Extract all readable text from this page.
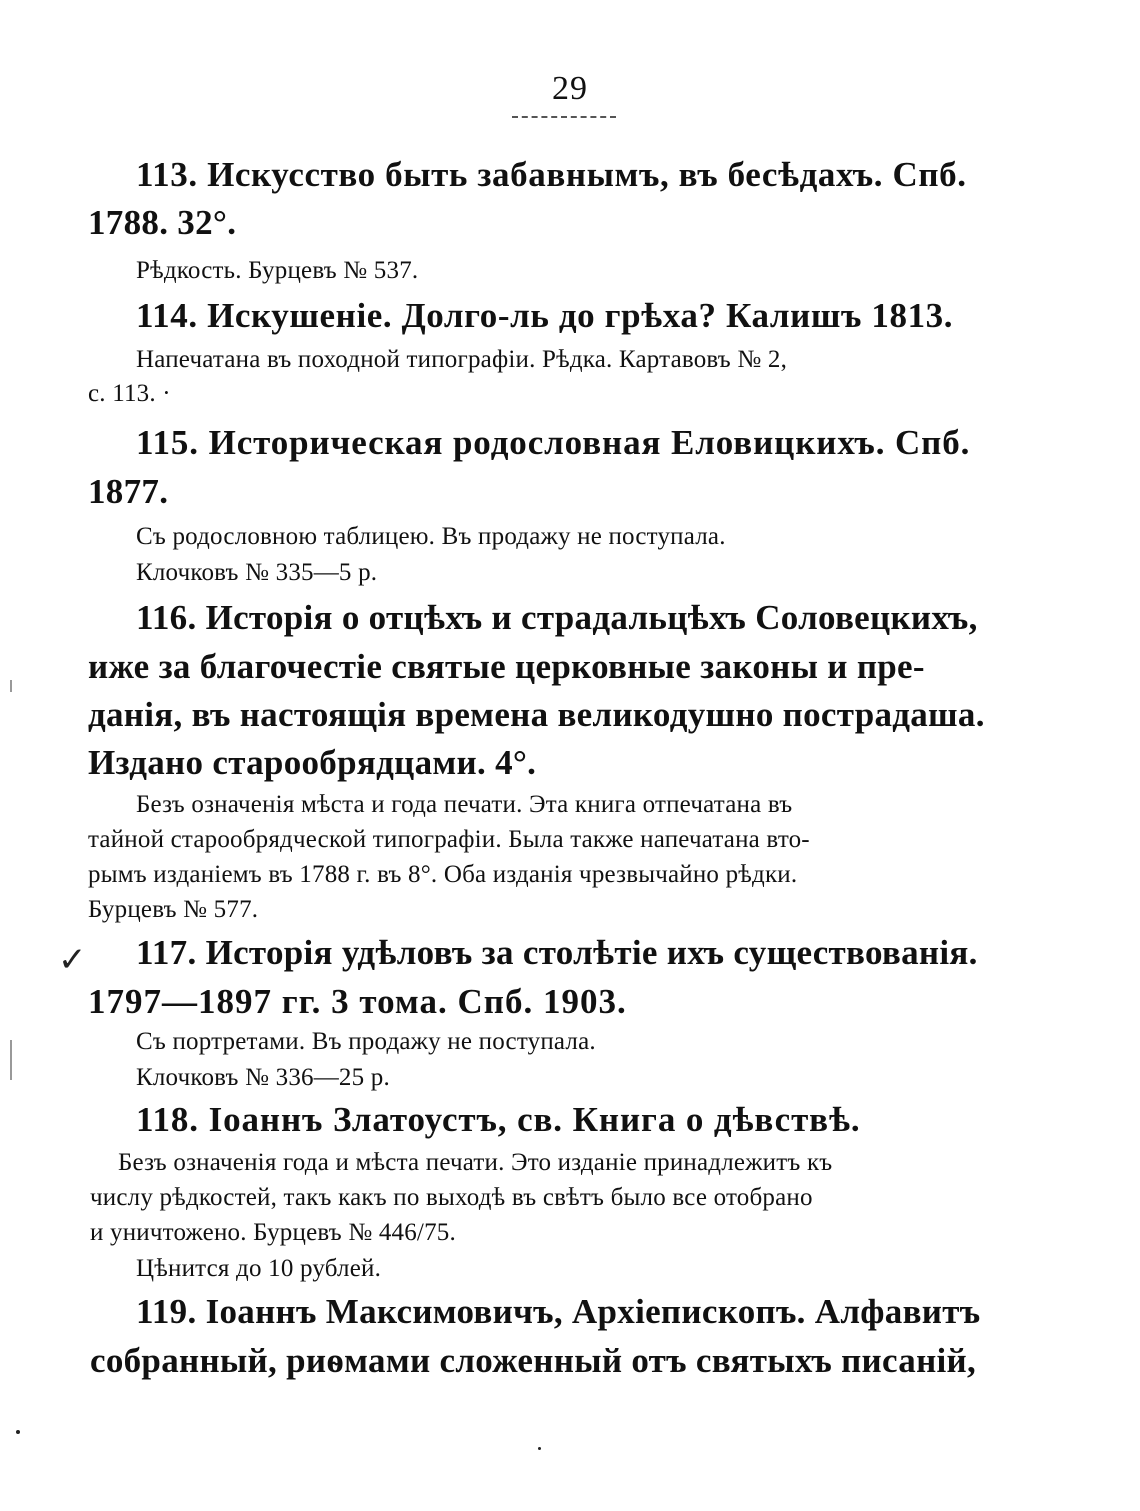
29
113. Искусство быть забавнымъ, въ бесѣдахъ. Спб.
1788. 32°.
Рѣдкость. Бурцевъ № 537.
114. Искушеніе. Долго-ль до грѣха? Калишъ 1813.
Напечатана въ походной типографіи. Рѣдка. Картавовъ № 2,
с. 113. ·
115. Историческая родословная Еловицкихъ. Спб.
1877.
Съ родословною таблицею. Въ продажу не поступала.
Клочковъ № 335—5 р.
116. Исторія о отцѣхъ и страдальцѣхъ Соловецкихъ,
иже за благочестіе святые церковные законы и пре-
данія, въ настоящія времена великодушно пострадаша.
Издано старообрядцами. 4°.
Безъ означенія мѣста и года печати. Эта книга отпечатана въ
тайной старообрядческой типографіи. Была также напечатана вто-
рымъ изданіемъ въ 1788 г. въ 8°. Оба изданія чрезвычайно рѣдки.
Бурцевъ № 577.
✓ 117. Исторія удѣловъ за столѣтіе ихъ существованія.
1797—1897 гг. 3 тома. Спб. 1903.
Съ портретами. Въ продажу не поступала.
Клочковъ № 336—25 р.
118. Іоаннъ Златоустъ, св. Книга о дѣвствѣ.
Безъ означенія года и мѣста печати. Это изданіе принадлежитъ къ
числу рѣдкостей, такъ какъ по выходѣ въ свѣтъ было все отобрано
и уничтожено. Бурцевъ № 446/75.
Цѣнится до 10 рублей.
119. Іоаннъ Максимовичъ, Архіепископъ. Алфавитъ
собранный, риѳмами сложенный отъ святыхъ писаній,
